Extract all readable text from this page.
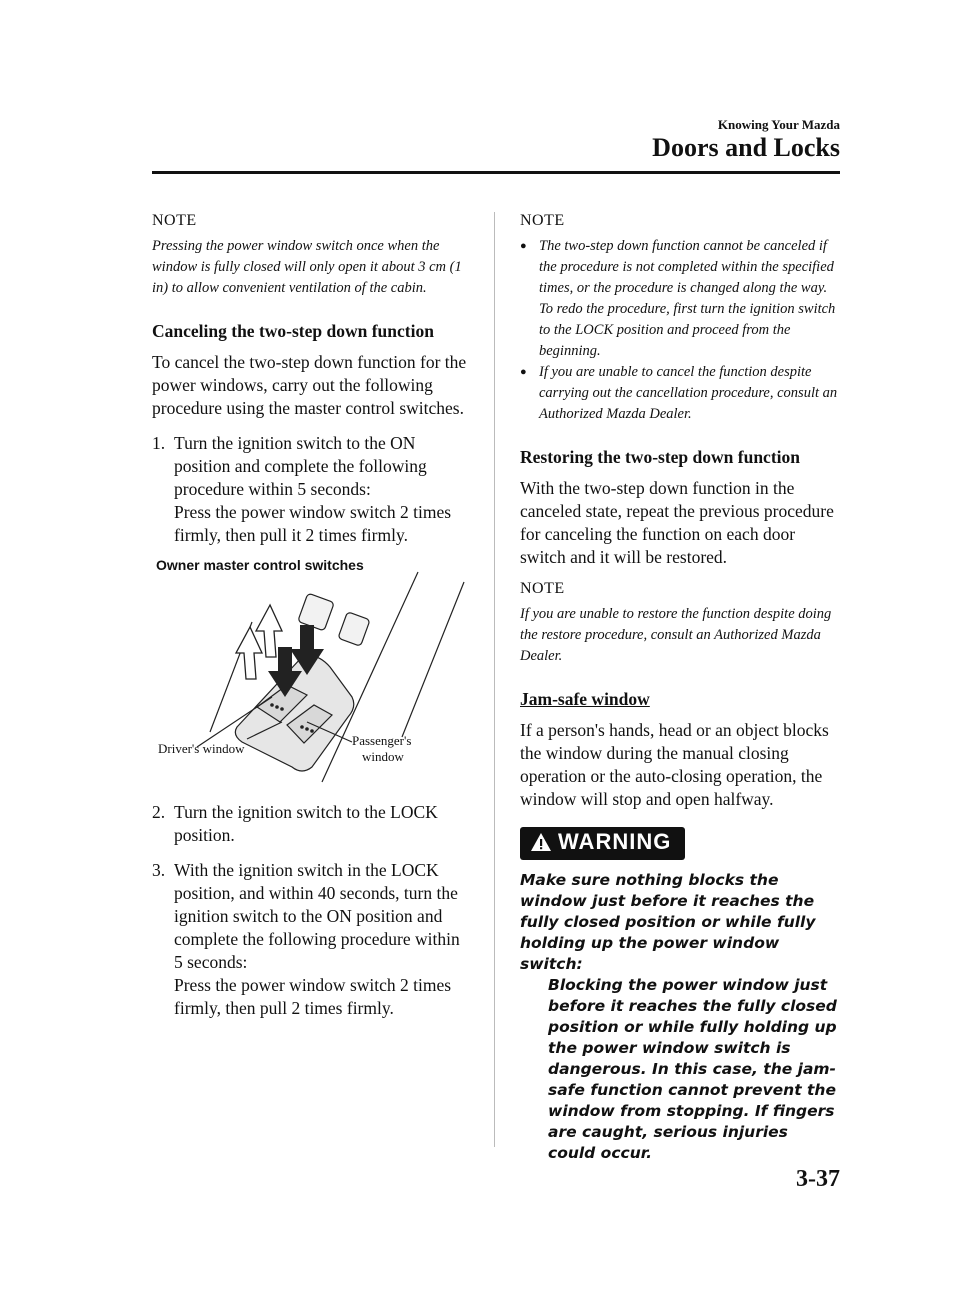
Knowing Your Mazda
Doors and Locks

NOTE

Pressing the power window switch once when the window is fully closed will only open it about 3 cm (1 in) to allow convenient ventilation of the cabin.

Canceling the two-step down function

To cancel the two-step down function for the power windows, carry out the following procedure using the master control switches.

1. Turn the ignition switch to the ON position and complete the following procedure within 5 seconds:
Press the power window switch 2 times firmly, then pull it 2 times firmly.
Owner master control switches
Driver's window
Passenger's
window
2. Turn the ignition switch to the LOCK position.
3. With the ignition switch in the LOCK position, and within 40 seconds, turn the ignition switch to the ON position and complete the following procedure within 5 seconds:
Press the power window switch 2 times firmly, then pull 2 times firmly.

NOTE

● The two-step down function cannot be canceled if the procedure is not completed within the specified times, or the procedure is changed along the way. To redo the procedure, first turn the ignition switch to the LOCK position and proceed from the beginning.
● If you are unable to cancel the function despite carrying out the cancellation procedure, consult an Authorized Mazda Dealer.

Restoring the two-step down function

With the two-step down function in the canceled state, repeat the previous procedure for canceling the function on each door switch and it will be restored.

NOTE

If you are unable to restore the function despite doing the restore procedure, consult an Authorized Mazda Dealer.

Jam-safe window

If a person's hands, head or an object blocks the window during the manual closing operation or the auto-closing operation, the window will stop and open halfway.

WARNING

Make sure nothing blocks the window just before it reaches the fully closed position or while fully holding up the power window switch:

Blocking the power window just before it reaches the fully closed position or while fully holding up the power window switch is dangerous. In this case, the jam-safe function cannot prevent the window from stopping. If fingers are caught, serious injuries could occur.

3-37
